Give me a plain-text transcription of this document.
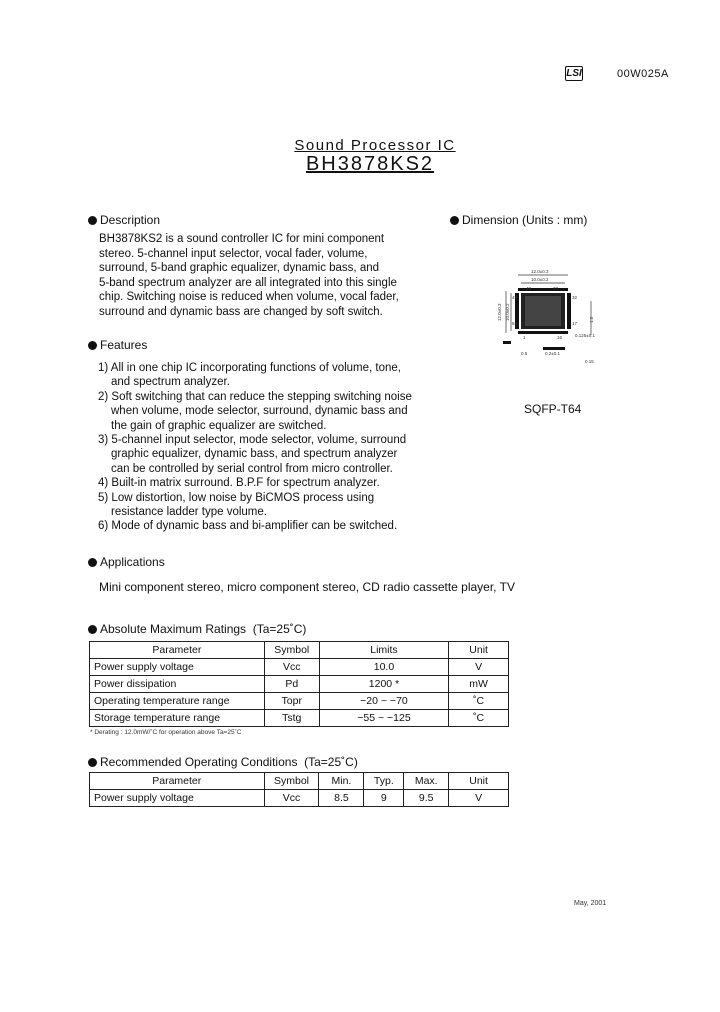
LSI	00W025A
Sound Processor IC
BH3878KS2
Description
BH3878KS2 is a sound controller IC for mini component
stereo. 5-channel input selector, vocal fader, volume,
surround, 5-band graphic equalizer, dynamic bass, and
5-band spectrum analyzer are all integrated into this single
chip. Switching noise is reduced when volume, vocal fader,
surround and dynamic bass are changed by soft switch.
Dimension (Units : mm)
12.0±0.3
10.0±0.2
48	33
49	32
64	17
1	16
12.0±0.3 10.0±0.2	1.5
0.125±0.1
0.5	0.2±0.1
0.15
SQFP-T64
Features
1) All in one chip IC incorporating functions of volume, tone,
and spectrum analyzer.
2) Soft switching that can reduce the stepping switching noise
when volume, mode selector, surround, dynamic bass and
the gain of graphic equalizer are switched.
3) 5-channel input selector, mode selector, volume, surround
graphic equalizer, dynamic bass, and spectrum analyzer
can be controlled by serial control from micro controller.
4) Built-in matrix surround. B.P.F for spectrum analyzer.
5) Low distortion, low noise by BiCMOS process using
resistance ladder type volume.
6) Mode of dynamic bass and bi-amplifier can be switched.
Applications
Mini component stereo, micro component stereo, CD radio cassette player, TV
Absolute Maximum Ratings (Ta=25˚C)
Parameter	Symbol	Limits	Unit
Power supply voltage	Vcc	10.0	V
Power dissipation	Pd	1200 *	mW
Operating temperature range	Topr	−20 ~ −70	˚C
Storage temperature range	Tstg	−55 ~ −125	˚C
* Derating : 12.0mW/˚C for operation above Ta=25˚C
Recommended Operating Conditions (Ta=25˚C)
Parameter	Symbol	Min.	Typ.	Max.	Unit
Power supply voltage	Vcc	8.5	9	9.5	V
May, 2001
